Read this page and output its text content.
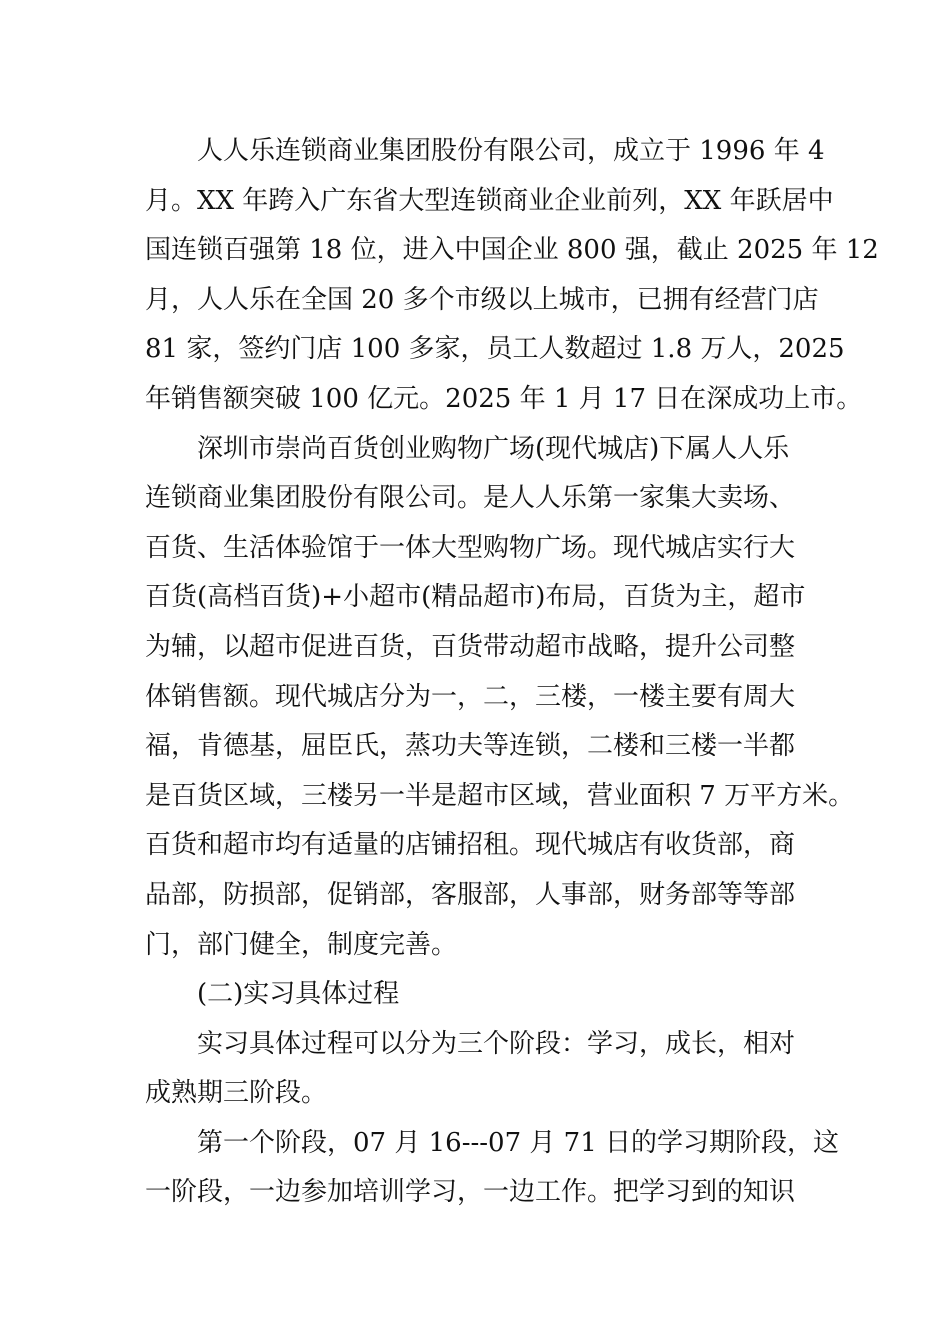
人人乐连锁商业集团股份有限公司，成立于 1996 年 4
月。XX 年跨入广东省大型连锁商业企业前列，XX 年跃居中
国连锁百强第 18 位，进入中国企业 800 强，截止 2025 年 12
月，人人乐在全国 20 多个市级以上城市，已拥有经营门店
81 家，签约门店 100 多家，员工人数超过 1.8 万人，2025
年销售额突破 100 亿元。2025 年 1 月 17 日在深成功上市。
深圳市崇尚百货创业购物广场(现代城店)下属人人乐
连锁商业集团股份有限公司。是人人乐第一家集大卖场、
百货、生活体验馆于一体大型购物广场。现代城店实行大
百货(高档百货)+小超市(精品超市)布局，百货为主，超市
为辅，以超市促进百货，百货带动超市战略，提升公司整
体销售额。现代城店分为一，二，三楼，一楼主要有周大
福，肯德基，屈臣氏，蒸功夫等连锁，二楼和三楼一半都
是百货区域，三楼另一半是超市区域，营业面积 7 万平方米。
百货和超市均有适量的店铺招租。现代城店有收货部，商
品部，防损部，促销部，客服部，人事部，财务部等等部
门，部门健全，制度完善。
(二)实习具体过程
实习具体过程可以分为三个阶段：学习，成长，相对
成熟期三阶段。
第一个阶段，07 月 16---07 月 71 日的学习期阶段，这
一阶段，一边参加培训学习，一边工作。把学习到的知识
